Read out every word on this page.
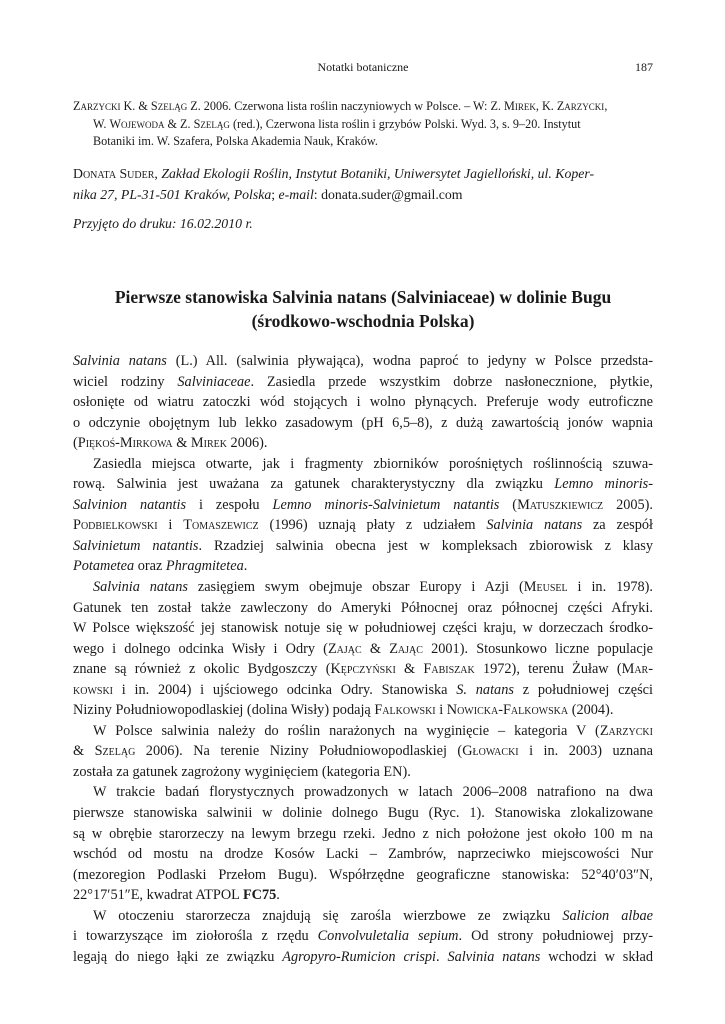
Notatki botaniczne	187
Zarzycki K. & Szeląg Z. 2006. Czerwona lista roślin naczyniowych w Polsce. – W: Z. Mirek, K. Zarzycki,
W. Wojewoda & Z. Szeląg (red.), Czerwona lista roślin i grzybów Polski. Wyd. 3, s. 9–20. Instytut
Botaniki im. W. Szafera, Polska Akademia Nauk, Kraków.
Donata Suder, Zakład Ekologii Roślin, Instytut Botaniki, Uniwersytet Jagielloński, ul. Koper-
nika 27, PL-31-501 Kraków, Polska; e-mail: donata.suder@gmail.com
Przyjęto do druku: 16.02.2010 r.
Pierwsze stanowiska Salvinia natans (Salviniaceae) w dolinie Bugu
(środkowo-wschodnia Polska)
Salvinia natans (L.) All. (salwinia pływająca), wodna paproć to jedyny w Polsce przedsta-
wiciel rodziny Salviniaceae. Zasiedla przede wszystkim dobrze nasłonecznione, płytkie,
osłonięte od wiatru zatoczki wód stojących i wolno płynących. Preferuje wody eutroficzne
o odczynie obojętnym lub lekko zasadowym (pH 6,5–8), z dużą zawartością jonów wapnia
(Piękoś-Mirkowa & Mirek 2006).
Zasiedla miejsca otwarte, jak i fragmenty zbiorników porośniętych roślinnością szuwa-
rową. Salwinia jest uważana za gatunek charakterystyczny dla związku Lemno minoris-
Salvinion natantis i zespołu Lemno minoris-Salvinietum natantis (Matuszkiewicz 2005).
Podbielkowski i Tomaszewicz (1996) uznają płaty z udziałem Salvinia natans za zespół
Salvinietum natantis. Rzadziej salwinia obecna jest w kompleksach zbiorowisk z klasy
Potametea oraz Phragmitetea.
Salvinia natans zasięgiem swym obejmuje obszar Europy i Azji (Meusel i in. 1978).
Gatunek ten został także zawleczony do Ameryki Północnej oraz północnej części Afryki.
W Polsce większość jej stanowisk notuje się w południowej części kraju, w dorzeczach środko-
wego i dolnego odcinka Wisły i Odry (Zając & Zając 2001). Stosunkowo liczne populacje
znane są również z okolic Bydgoszczy (Kępczyński & Fabiszak 1972), terenu Żuław (Mar-
kowski i in. 2004) i ujściowego odcinka Odry. Stanowiska S. natans z południowej części
Niziny Południowopodlaskiej (dolina Wisły) podają Falkowski i Nowicka-Falkowska (2004).
W Polsce salwinia należy do roślin narażonych na wyginięcie – kategoria V (Zarzycki
& Szeląg 2006). Na terenie Niziny Południowopodlaskiej (Głowacki i in. 2003) uznana
została za gatunek zagrożony wyginięciem (kategoria EN).
W trakcie badań florystycznych prowadzonych w latach 2006–2008 natrafiono na dwa
pierwsze stanowiska salwinii w dolinie dolnego Bugu (Ryc. 1). Stanowiska zlokalizowane
są w obrębie starorzeczy na lewym brzegu rzeki. Jedno z nich położone jest około 100 m na
wschód od mostu na drodze Kosów Lacki – Zambrów, naprzeciwko miejscowości Nur
(mezoregion Podlaski Przełom Bugu). Współrzędne geograficzne stanowiska: 52°40′03″N,
22°17′51″E, kwadrat ATPOL FC75.
W otoczeniu starorzecza znajdują się zarośla wierzbowe ze związku Salicion albae
i towarzyszące im ziołorośla z rzędu Convolvuletalia sepium. Od strony południowej przy-
legają do niego łąki ze związku Agropyro-Rumicion crispi. Salvinia natans wchodzi w skład
